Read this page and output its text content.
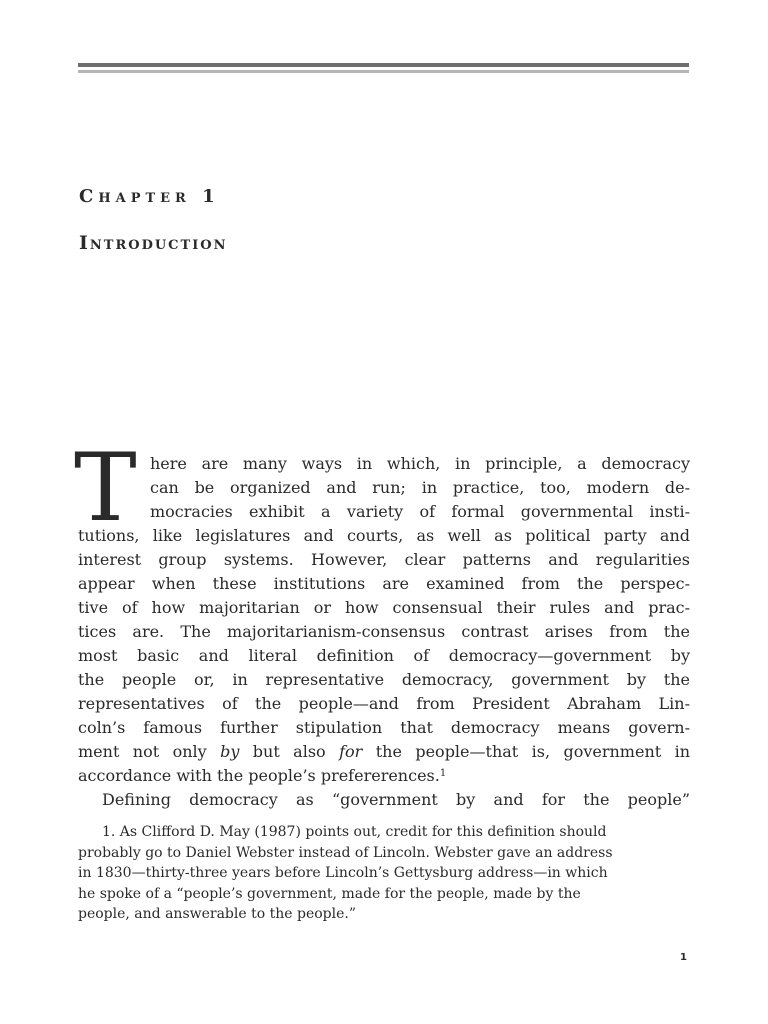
Chapter 1
Introduction
T here are many ways in which, in principle, a democracy
can be organized and run; in practice, too, modern de-
mocracies exhibit a variety of formal governmental insti-
tutions, like legislatures and courts, as well as political party and
interest group systems. However, clear patterns and regularities
appear when these institutions are examined from the perspec-
tive of how majoritarian or how consensual their rules and prac-
tices are. The majoritarianism-consensus contrast arises from the
most basic and literal definition of democracy—government by
the people or, in representative democracy, government by the
representatives of the people—and from President Abraham Lin-
coln’s famous further stipulation that democracy means govern-
ment not only by but also for the people—that is, government in
accordance with the people’s prefererences.$^1$
Defining democracy as “government by and for the people”
1. As Clifford D. May (1987) points out, credit for this definition should
probably go to Daniel Webster instead of Lincoln. Webster gave an address
in 1830—thirty-three years before Lincoln’s Gettysburg address—in which
he spoke of a “people’s government, made for the people, made by the
people, and answerable to the people.”
1
